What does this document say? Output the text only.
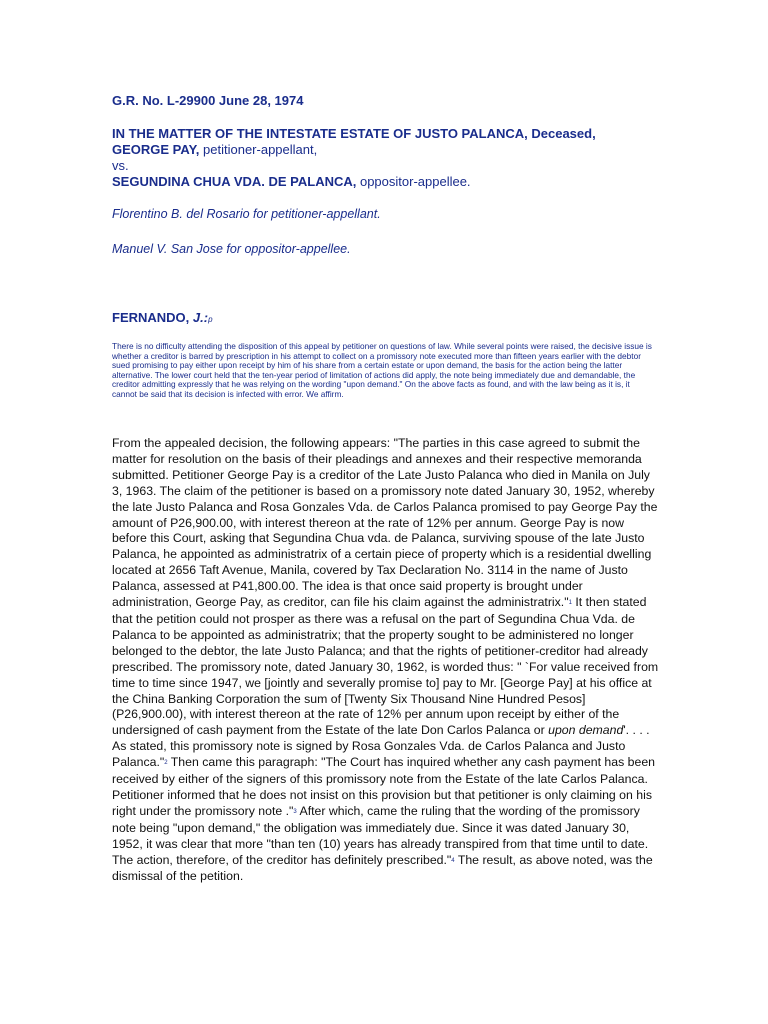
G.R. No. L-29900 June 28, 1974
IN THE MATTER OF THE INTESTATE ESTATE OF JUSTO PALANCA, Deceased,
GEORGE PAY, petitioner-appellant,
vs.
SEGUNDINA CHUA VDA. DE PALANCA, oppositor-appellee.
Florentino B. del Rosario for petitioner-appellant.
Manuel V. San Jose for oppositor-appellee.
FERNANDO, J.:p

There is no difficulty attending the disposition of this appeal by petitioner on questions of law. While several points were raised, the decisive issue is whether a creditor is barred by prescription in his attempt to collect on a promissory note executed more than fifteen years earlier with the debtor sued promising to pay either upon receipt by him of his share from a certain estate or upon demand, the basis for the action being the latter alternative. The lower court held that the ten-year period of limitation of actions did apply, the note being immediately due and demandable, the creditor admitting expressly that he was relying on the wording "upon demand." On the above facts as found, and with the law being as it is, it cannot be said that its decision is infected with error. We affirm.

From the appealed decision, the following appears: "The parties in this case agreed to submit the matter for resolution on the basis of their pleadings and annexes and their respective memoranda submitted. Petitioner George Pay is a creditor of the Late Justo Palanca who died in Manila on July 3, 1963. The claim of the petitioner is based on a promissory note dated January 30, 1952, whereby the late Justo Palanca and Rosa Gonzales Vda. de Carlos Palanca promised to pay George Pay the amount of P26,900.00, with interest thereon at the rate of 12% per annum. George Pay is now before this Court, asking that Segundina Chua vda. de Palanca, surviving spouse of the late Justo Palanca, he appointed as administratrix of a certain piece of property which is a residential dwelling located at 2656 Taft Avenue, Manila, covered by Tax Declaration No. 3114 in the name of Justo Palanca, assessed at P41,800.00. The idea is that once said property is brought under administration, George Pay, as creditor, can file his claim against the administratrix."1 It then stated that the petition could not prosper as there was a refusal on the part of Segundina Chua Vda. de Palanca to be appointed as administratrix; that the property sought to be administered no longer belonged to the debtor, the late Justo Palanca; and that the rights of petitioner-creditor had already prescribed. The promissory note, dated January 30, 1962, is worded thus: " `For value received from time to time since 1947, we [jointly and severally promise to] pay to Mr. [George Pay] at his office at the China Banking Corporation the sum of [Twenty Six Thousand Nine Hundred Pesos] (P26,900.00), with interest thereon at the rate of 12% per annum upon receipt by either of the undersigned of cash payment from the Estate of the late Don Carlos Palanca or upon demand'. . . . As stated, this promissory note is signed by Rosa Gonzales Vda. de Carlos Palanca and Justo Palanca."2 Then came this paragraph: "The Court has inquired whether any cash payment has been received by either of the signers of this promissory note from the Estate of the late Carlos Palanca. Petitioner informed that he does not insist on this provision but that petitioner is only claiming on his right under the promissory note ."3 After which, came the ruling that the wording of the promissory note being "upon demand," the obligation was immediately due. Since it was dated January 30, 1952, it was clear that more "than ten (10) years has already transpired from that time until to date. The action, therefore, of the creditor has definitely prescribed."4 The result, as above noted, was the dismissal of the petition.
